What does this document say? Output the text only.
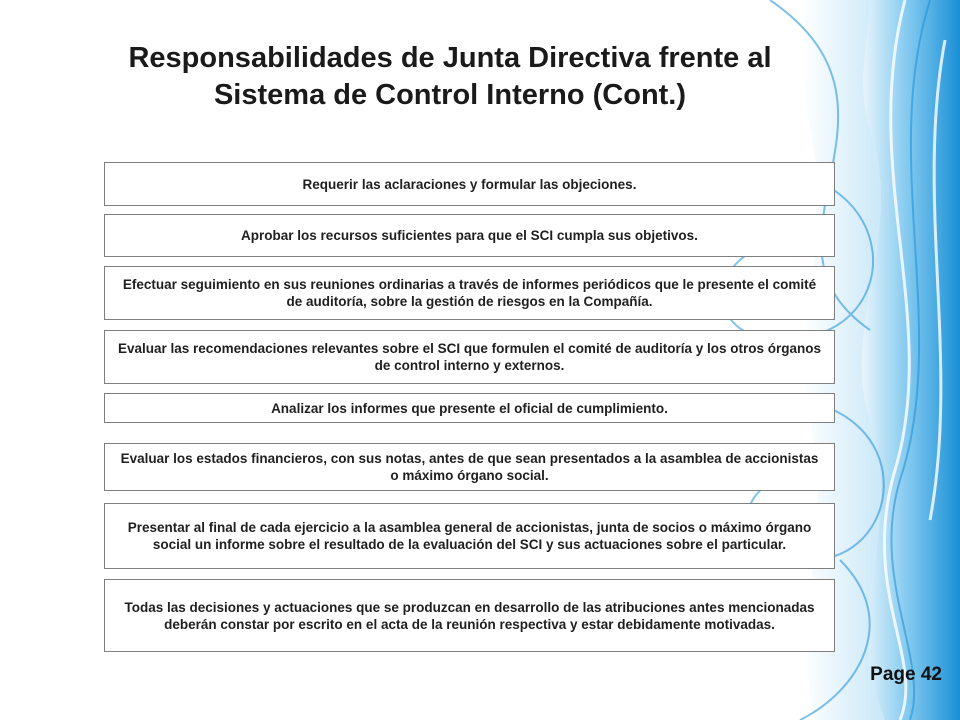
Responsabilidades de Junta Directiva frente al
Sistema de Control Interno (Cont.)
Requerir las aclaraciones y formular las objeciones.
Aprobar los recursos suficientes para que el SCI cumpla sus objetivos.
Efectuar seguimiento en sus reuniones ordinarias a través de informes periódicos que le presente el comité de auditoría, sobre la gestión de riesgos en la Compañía.
Evaluar las recomendaciones relevantes sobre el SCI que formulen el comité de auditoría y los otros órganos de control interno y externos.
Analizar los informes que presente el oficial de cumplimiento.
Evaluar los estados financieros, con sus notas, antes de que sean presentados a la asamblea de accionistas o máximo órgano social.
Presentar al final de cada ejercicio a la asamblea general de accionistas, junta de socios o máximo órgano social un informe sobre el resultado de la evaluación del SCI y sus actuaciones sobre el particular.
Todas las decisiones y actuaciones que se produzcan en desarrollo de las atribuciones antes mencionadas deberán constar por escrito en el acta de la reunión respectiva y estar debidamente motivadas.
Page 42
